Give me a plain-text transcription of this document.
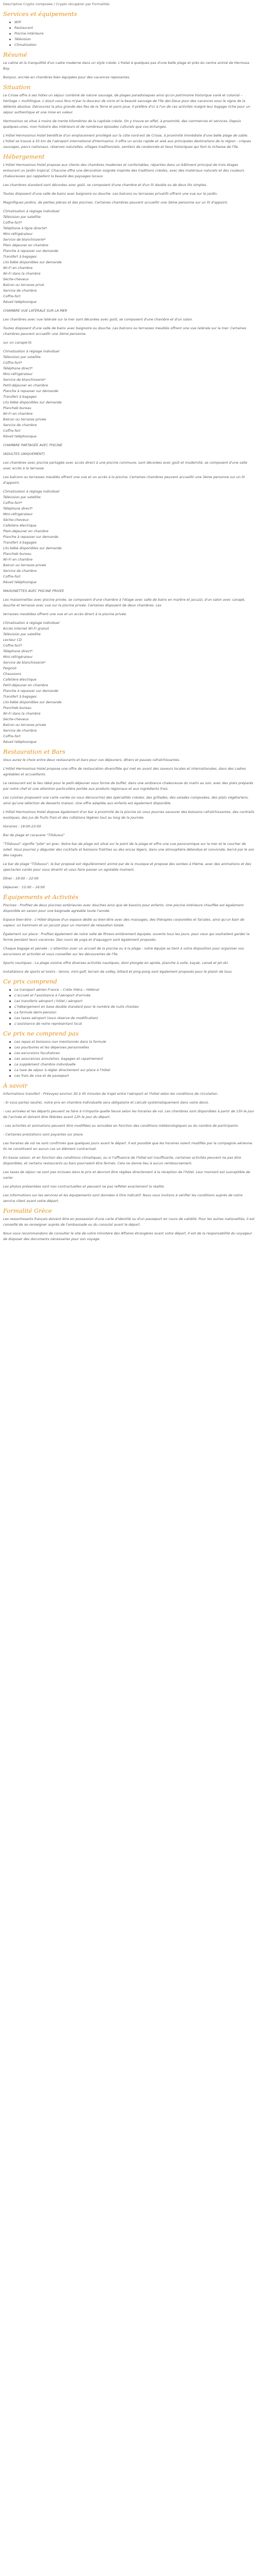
Descriptive Crypto composée / Crypto récupérer par Formalités

Services et équipements
Wifi
Restaurant
Piscine intérieure
Télévision
Climatisation
Résumé

Le calme et la tranquillité d'un cadre moderne dans un style créole. L'Hotel à quelques pas d'une belle plage et près du centre animé de Hermosa Bay.

Bonjour, ancrée en chambres bien équipées pour des vacances reposantes.

Situation

Le Crisse offre à ses hôtes un séjour combiné de nature sauvage, de plages paradisiaques ainsi qu'un patrimoine historique varié et colonial – héritage » multilingue. L'atout vous fera m'par la douceur de vivre et la beauté sauvage de l'île des Deux pour des vacances sous le signe de la détente absolue. Découvrez la plus grande des îles de la Terre et paris joue. Il préfère d'ici à l'un de ces activités malgré leur bagage riche pour un séjour authentique et une mise en valeur.

Hermosinos se situe à moins de trente kilomètres de la capitale créole. On y trouve en effet, à proximité, des commerces et services. Depuis quelques-unes, mon histoire des intérieurs et de nombreux épisodes culturels que vos échanges.

L'Hôtel Hermosinos Hotel bénéficie d'un emplacement privilégié sur la côte nord-est de Crisse, à proximité immédiate d'une belle plage de sable. L'hôtel se trouve à 35 km de l'aéroport international d'Hermasino. Il offre un accès rapide et aisé aux principales destinations de la région : criques sauvages, parcs nationaux, réserves naturelles, villages traditionnels, sentiers de randonnée et lieux historiques qui font la richesse de l'île.

Hébergement

L'Hôtel Hermosinos Hotel propose aux clients des chambres modernes et confortables, réparties dans un bâtiment principal de trois étages entourant un jardin tropical. Chacune offre une décoration soignée inspirée des traditions créoles, avec des matériaux naturels et des couleurs chaleureuses qui rappellent la beauté des paysages locaux.

Les chambres standard sont décorées avec goût, se composent d'une chambre et d'un lit double ou de deux lits simples.

Toutes disposent d'une salle de bains avec baignoire ou douche. Les balcons ou terrasses privatifs offrent une vue sur le jardin.

Magnifiques jardins, de petites pièces et des piscines. Certaines chambres peuvent accueillir une 3ème personne sur un lit d'appoint.

Climatisation à réglage individuel

Télévision par satellite

Coffre-fort*

Téléphone à ligne directe*

Mini-réfrigérateur

Service de blanchisserie*

Plein déjeuner en chambre

Planche à repasser sur demande

Transfert à bagages

Lits bébé disponibles sur demande

Wi-Fi en chambre

Wi-Fi dans la chambre

Sèche-cheveux

Balcon ou terrasse privé

Service de chambre

Coffre-fort

Réveil téléphonique

CHAMBRE VUE LATÉRALE SUR LA MER

Les chambres avec vue latérale sur la mer sont décorées avec goût, se composent d'une chambre et d'un salon.

Toutes disposent d'une salle de bains avec baignoire ou douche. Les balcons ou terrasses meublés offrent une vue latérale sur la mer. Certaines chambres peuvent accueillir une 3ème personne.

sur un canapé-lit.

Climatisation à réglage individuel

Télévision par satellite

Coffre-fort*

Téléphone direct*

Mini-réfrigérateur

Service de blanchisserie*

Petit-déjeuner en chambre

Planche à repasser sur demande

Transfert à bagages

Lits bébé disponibles sur demande

Plancheb bureau

Wi-Fi en chambre

Balcon ou terrasse privée

Service de chambre

Coffre-fort

Réveil téléphonique

CHAMBRE PARTAGÉE AVEC PISCINE

(ADULTES UNIQUEMENT)

Les chambres avec piscine partagée avec accès direct à une piscine commune, sont décorées avec goût et modernité, se composent d'une salle avec accès à la terrasse.

Les balcons ou terrasses meublés offrent une vue et un accès à la piscine. Certaines chambres peuvent accueillir une 3ème personne sur un lit d'appoint.

Climatisation à réglage individuel

Télévision par satellite

Coffre-fort*

Téléphone direct*

Mini-réfrigérateur

Sèche-cheveux

Cafetière électrique

Plein-déjeuner en chambre

Planche à repasser sur demande

Transfert à bagages

Lits bébé disponibles sur demande

Plancheb bureau

Wi-Fi en chambre

Balcon ou terrasse privée

Service de chambre

Coffre-fort

Réveil téléphonique

MAISONETTES AVEC PISCINE PRIVÉE

Les maisonnettes avec piscine privée, se composent d'une chambre à l'étage avec salle de bains en marbre et jacuzzi, d'un salon avec canapé, douche et terrasse avec vue sur la piscine privée. Certaines disposent de deux chambres. Les

terrasses meublées offrent une vue et un accès direct à la piscine privée.

Climatisation à réglage individuel

Accès internet Wi-Fi gratuit

Télévision par satellite

Lecteur CD

Coffre-fort*

Téléphone direct*

Mini-réfrigérateur

Service de blanchisserie*

Peignoir

Chaussons

Cafetière électrique

Petit-déjeuner en chambre

Planche à repasser sur demande

Transfert à bagages

Lits bébé disponibles sur demande

Plancheb bureau

Wi-Fi dans la chambre

Sèche-cheveux

Balcon ou terrasse privée

Service de chambre

Coffre-fort

Réveil téléphonique

Restauration et Bars

Vous aurez le choix entre deux restaurants et bars pour vos déjeuners, dîners et pauses rafraîchissantes.

L'Hôtel Hermosinos Hotel propose une offre de restauration diversifiée qui met en avant des saveurs locales et internationales, dans des cadres agréables et accueillants.

Le restaurant est le lieu idéal pour le petit-déjeuner sous forme de buffet, dans une ambiance chaleureuse du matin au soir, avec des plats préparés par notre chef et une attention particulière portée aux produits régionaux et aux ingrédients frais.

Les cuisines proposent une carte variée où vous découvrirez des spécialités créoles, des grillades, des salades composées, des plats végétariens, ainsi qu'une sélection de desserts maison. Une offre adaptée aux enfants est également disponible.

L'Hôtel Hermosinos Hotel dispose également d'un bar à proximité de la piscine où vous pourrez savourer des boissons rafraîchissantes, des cocktails exotiques, des jus de fruits frais et des collations légères tout au long de la journée.

Horaires : 18:00-23:00

Bar de plage et caravane "Tiliduous"

"Tiliduous" signifie "jolie" en grec. Notre bar de plage est situé sur le point de la plage et offre une vue panoramique sur la mer et le coucher de soleil. Vous pourrez y déguster des cocktails et boissons fraîches ou des encas légers, dans une atmosphère détendue et conviviale, bercé par le son des vagues.

Le bar de plage "Tiliduous", le bar proposé est régulièrement animé par de la musique et propose des soirées à thème, avec des animations et des spectacles variés pour vous divertir et vous faire passer un agréable moment.

Dîner : 18:00 – 22:00

Déjeuner : 12:00 – 16:00

Équipements et Activités

Piscines : Profitez de deux piscines extérieures avec douches ainsi que de bassins pour enfants. Une piscine intérieure chauffée est également disponible en saison pour une baignade agréable toute l'année.

Espace bien-être : L'Hôtel dispose d'un espace dédié au bien-être avec des massages, des thérapies corporelles et faciales, ainsi qu'un bain de vapeur, un hammam et un jacuzzi pour un moment de relaxation totale.

Également sur place : Profitez également de notre salle de fitness entièrement équipée, ouverte tous les jours, pour ceux qui souhaitent garder la forme pendant leurs vacances. Des cours de yoga et d'aquagym sont également proposés.

Chaque bagage et pensée : L'attention avec un accueil de la piscine ou à la plage : notre équipe se tient à votre disposition pour organiser vos excursions et activités et vous conseiller sur les découvertes de l'île.

Sports nautiques : La plage voisine offre diverses activités nautiques, dont plongée en apnée, planche à voile, kayak, canoë et jet-ski.

Installations de sports et loisirs : tennis, mini-golf, terrain de volley, billard et ping-pong sont également proposés pour le plaisir de tous.

Ce prix comprend
Le transport aérien France – Crète (Héra – Héléna)
L'accueil et l'assistance à l'aéroport d'arrivée
Les transferts aéroport / hôtel / aéroport
L'hébergement en base double standard pour le nombre de nuits choisies
La formule demi-pension
Les taxes aéroport (sous réserve de modification)
L'assistance de notre représentant local
Ce prix ne comprend pas
Les repas et boissons non mentionnés dans la formule
Les pourboires et les dépenses personnelles
Les excursions facultatives
Les assurances annulation, bagages et rapatriement
Le supplément chambre individuelle
La taxe de séjour à régler directement sur place à l'hôtel
Les frais de visa et de passeport
À savoir

Informations transfert : Prévoyez environ 30 à 45 minutes de trajet entre l'aéroport et l'hôtel selon les conditions de circulation.

- Si vous partez seul(e), notre prix en chambre individuelle sera obligatoire et calculé systématiquement dans votre devis.

- Les arrivées et les départs peuvent se faire à n'importe quelle heure selon les horaires de vol. Les chambres sont disponibles à partir de 15h le jour de l'arrivée et doivent être libérées avant 12h le jour du départ.

- Les activités et animations peuvent être modifiées ou annulées en fonction des conditions météorologiques ou du nombre de participants.

- Certaines prestations sont payantes sur place.

Les horaires de vol ne sont confirmés que quelques jours avant le départ. Il est possible que les horaires soient modifiés par la compagnie aérienne. Ils ne constituent en aucun cas un élément contractuel.

En basse saison, et en fonction des conditions climatiques, ou si l'affluence de l'hôtel est insuffisante, certaines activités peuvent ne pas être disponibles, et certains restaurants ou bars pourraient être fermés. Cela ne donne lieu à aucun remboursement.

Les taxes de séjour ne sont pas incluses dans le prix et devront être réglées directement à la réception de l'hôtel. Leur montant est susceptible de varier.

Les photos présentées sont non contractuelles et peuvent ne pas refléter exactement la réalité.

Les informations sur les services et les équipements sont données à titre indicatif. Nous vous invitons à vérifier les conditions auprès de notre service client avant votre départ.

Formalité Grèce

Les ressortissants français doivent être en possession d'une carte d'identité ou d'un passeport en cours de validité. Pour les autres nationalités, il est conseillé de se renseigner auprès de l'ambassade ou du consulat avant le départ.

Nous vous recommandons de consulter le site de votre ministère des Affaires étrangères avant votre départ. Il est de la responsabilité du voyageur de disposer des documents nécessaires pour son voyage.
